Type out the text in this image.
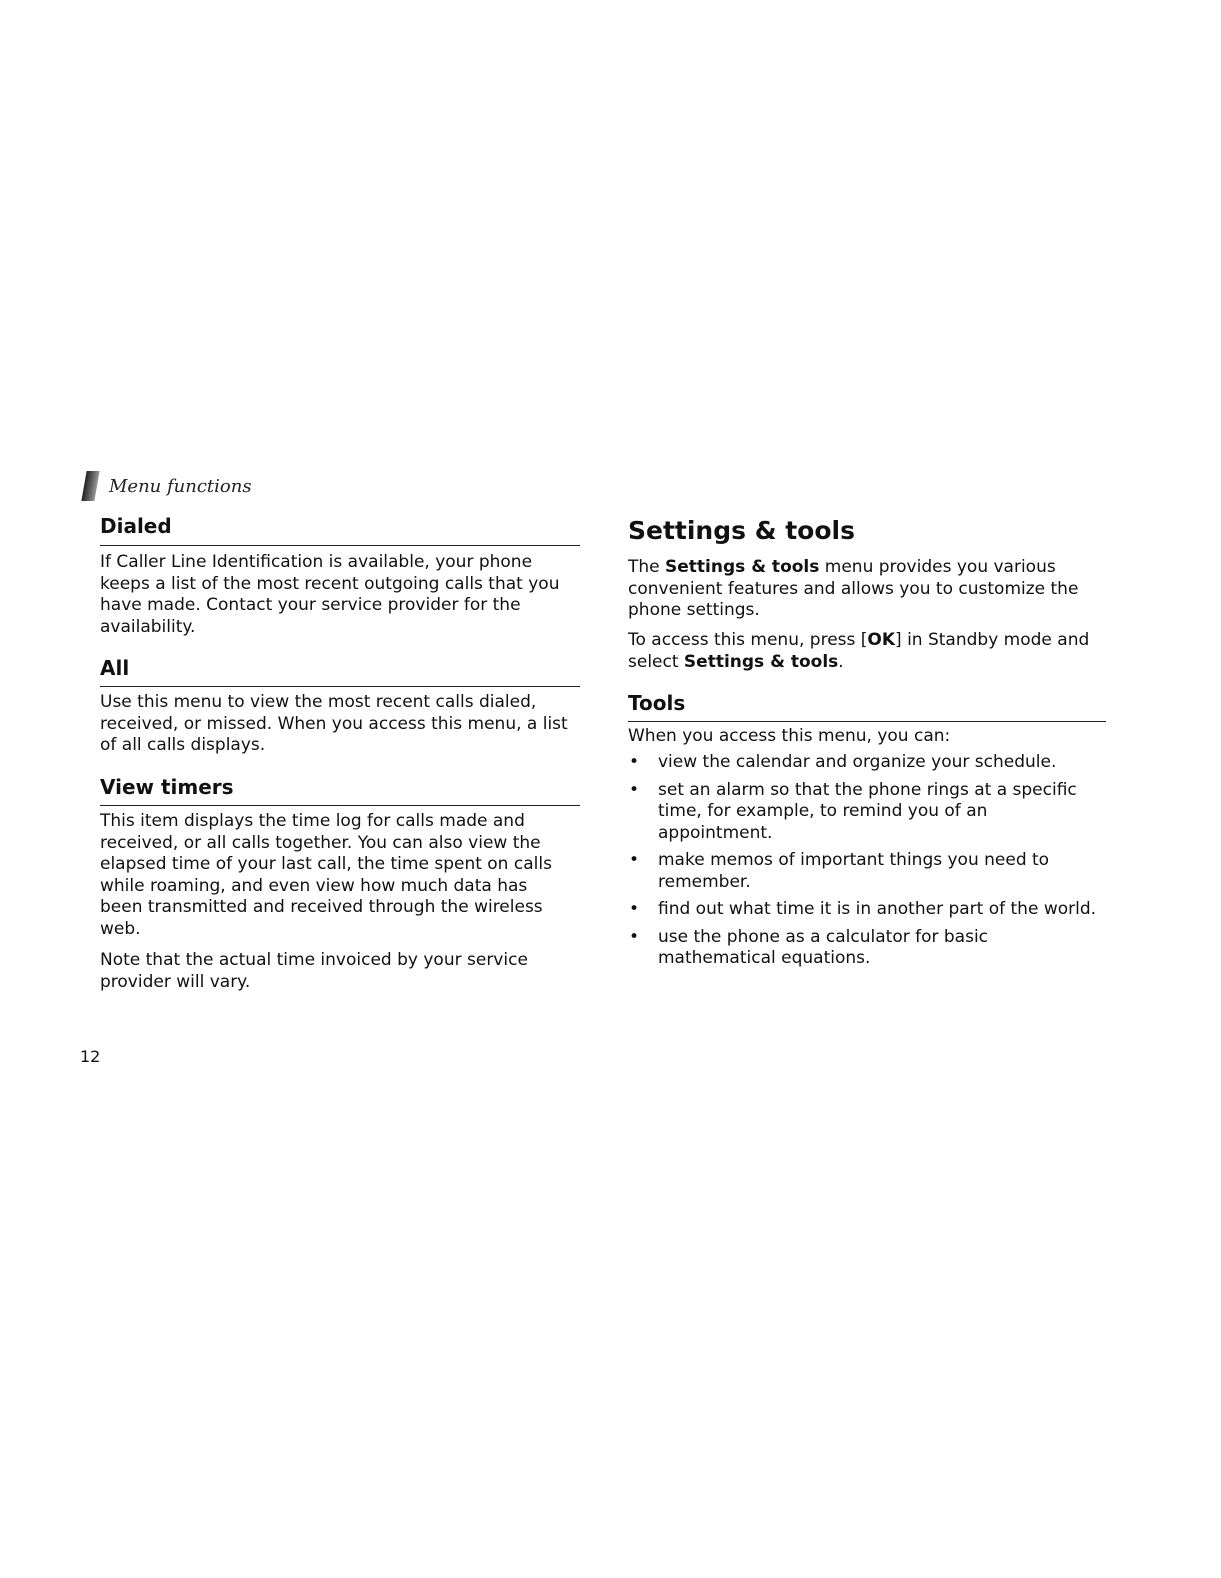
Menu functions
Dialed
If Caller Line Identification is available, your phone keeps a list of the most recent outgoing calls that you have made. Contact your service provider for the availability.
All
Use this menu to view the most recent calls dialed, received, or missed. When you access this menu, a list of all calls displays.
View timers
This item displays the time log for calls made and received, or all calls together. You can also view the elapsed time of your last call, the time spent on calls while roaming, and even view how much data has been transmitted and received through the wireless web.
Note that the actual time invoiced by your service provider will vary.
Settings & tools
The Settings & tools menu provides you various convenient features and allows you to customize the phone settings.
To access this menu, press [OK] in Standby mode and select Settings & tools.
Tools
When you access this menu, you can:
• view the calendar and organize your schedule.
• set an alarm so that the phone rings at a specific time, for example, to remind you of an appointment.
• make memos of important things you need to remember.
• find out what time it is in another part of the world.
• use the phone as a calculator for basic mathematical equations.
12
